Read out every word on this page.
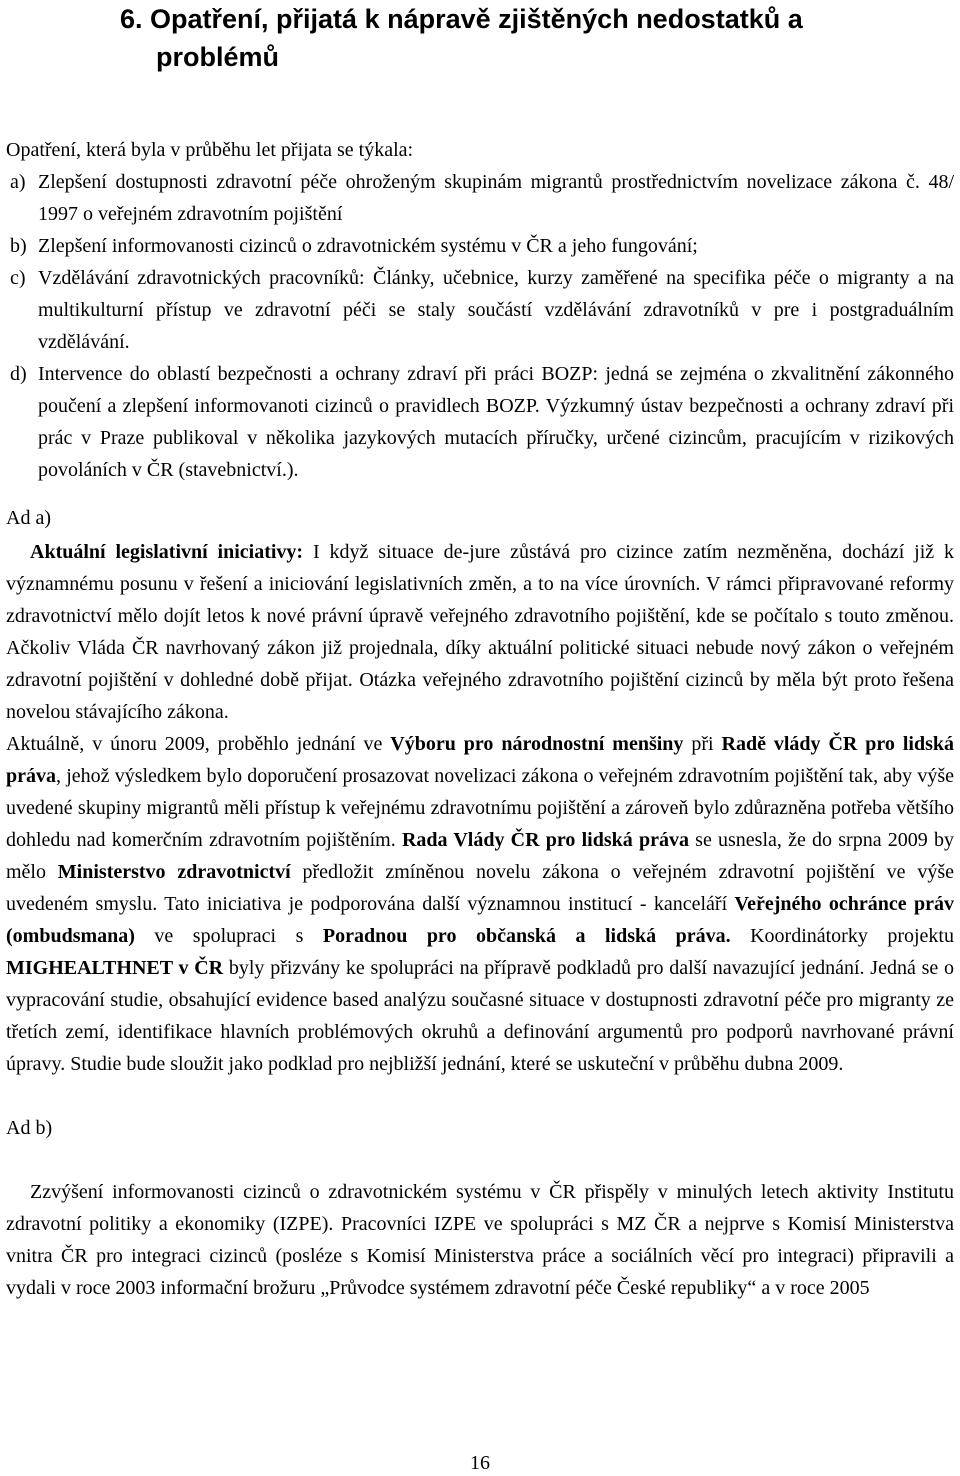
6. Opatření, přijatá k nápravě zjištěných nedostatků a
problémů

Opatření, která byla v průběhu let přijata se týkala:

a) Zlepšení dostupnosti zdravotní péče ohroženým skupinám migrantů prostřednictvím novelizace zákona č. 48/ 1997 o veřejném zdravotním pojištění
b) Zlepšení informovanosti cizinců o zdravotnickém systému v ČR a jeho fungování;
c) Vzdělávání zdravotnických pracovníků: Články, učebnice, kurzy zaměřené na specifika péče o migranty a na multikulturní přístup ve zdravotní péči se staly součástí vzdělávání zdravotníků v pre i postgraduálním vzdělávání.
d) Intervence do oblastí bezpečnosti a ochrany zdraví při práci BOZP: jedná se zejména o zkvalitnění zákonného poučení a zlepšení informovanoti cizinců o pravidlech BOZP. Výzkumný ústav bezpečnosti a ochrany zdraví při prác v Praze publikoval v několika jazykových mutacích příručky, určené cizincům, pracujícím v rizikových povoláních v ČR (stavebnictví.).
Ad a)

Aktuální legislativní iniciativy: I když situace de-jure zůstává pro cizince zatím nezměněna, dochází již k významnému posunu v řešení a iniciování legislativních změn, a to na více úrovních. V rámci připravované reformy zdravotnictví mělo dojít letos k nové právní úpravě veřejného zdravotního pojištění, kde se počítalo s touto změnou. Ačkoliv Vláda ČR navrhovaný zákon již projednala, díky aktuální politické situaci nebude nový zákon o veřejném zdravotní pojištění v dohledné době přijat. Otázka veřejného zdravotního pojištění cizinců by měla být proto řešena novelou stávajícího zákona.

Aktuálně, v únoru 2009, proběhlo jednání ve Výboru pro národnostní menšiny při Radě vlády ČR pro lidská práva, jehož výsledkem bylo doporučení prosazovat novelizaci zákona o veřejném zdravotním pojištění tak, aby výše uvedené skupiny migrantů měli přístup k veřejnému zdravotnímu pojištění a zároveň bylo zdůrazněna potřeba většího dohledu nad komerčním zdravotním pojištěním. Rada Vlády ČR pro lidská práva se usnesla, že do srpna 2009 by mělo Ministerstvo zdravotnictví předložit zmíněnou novelu zákona o veřejném zdravotní pojištění ve výše uvedeném smyslu. Tato iniciativa je podporována další významnou institucí - kanceláří Veřejného ochránce práv (ombudsmana) ve spolupraci s Poradnou pro občanská a lidská práva. Koordinátorky projektu MIGHEALTHNET v ČR byly přizvány ke spolupráci na přípravě podkladů pro další navazující jednání. Jedná se o vypracování studie, obsahující evidence based analýzu současné situace v dostupnosti zdravotní péče pro migranty ze třetích zemí, identifikace hlavních problémových okruhů a definování argumentů pro podporů navrhované právní úpravy. Studie bude sloužit jako podklad pro nejbližší jednání, které se uskuteční v průběhu dubna 2009.

Ad b)

Zzvýšení informovanosti cizinců o zdravotnickém systému v ČR přispěly v minulých letech aktivity Institutu zdravotní politiky a ekonomiky (IZPE). Pracovníci IZPE ve spolupráci s MZ ČR a nejprve s Komisí Ministerstva vnitra ČR pro integraci cizinců (posléze s Komisí Ministerstva práce a sociálních věcí pro integraci) připravili a vydali v roce 2003 informační brožuru „Průvodce systémem zdravotní péče České republiky“ a v roce 2005

16
